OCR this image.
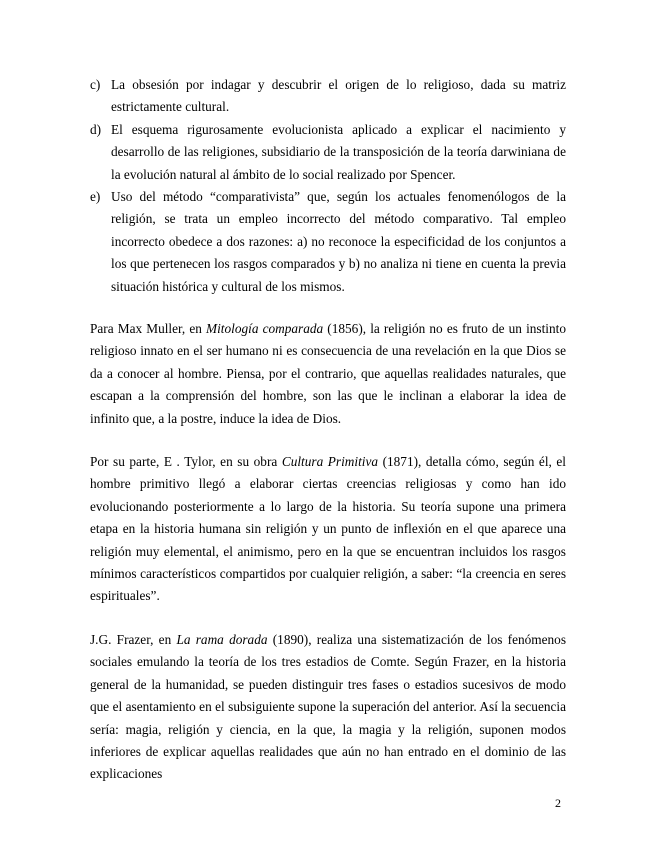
c) La obsesión por indagar y descubrir el origen de lo religioso, dada su matriz estrictamente cultural.

d) El esquema rigurosamente evolucionista aplicado a explicar el nacimiento y desarrollo de las religiones, subsidiario de la transposición de la teoría darwiniana de la evolución natural al ámbito de lo social realizado por Spencer.

e) Uso del método “comparativista” que, según los actuales fenomenólogos de la religión, se trata un empleo incorrecto del método comparativo. Tal empleo incorrecto obedece a dos razones: a) no reconoce la especificidad de los conjuntos a los que pertenecen los rasgos comparados y b) no analiza ni tiene en cuenta la previa situación histórica y cultural de los mismos.

Para Max Muller, en Mitología comparada (1856), la religión no es fruto de un instinto religioso innato en el ser humano ni es consecuencia de una revelación en la que Dios se da a conocer al hombre. Piensa, por el contrario, que aquellas realidades naturales, que escapan a la comprensión del hombre, son las que le inclinan a elaborar la idea de infinito que, a la postre, induce la idea de Dios.

Por su parte, E . Tylor, en su obra Cultura Primitiva (1871), detalla cómo, según él, el hombre primitivo llegó a elaborar ciertas creencias religiosas y como han ido evolucionando posteriormente a lo largo de la historia. Su teoría supone una primera etapa en la historia humana sin religión y un punto de inflexión en el que aparece una religión muy elemental, el animismo, pero en la que se encuentran incluidos los rasgos mínimos característicos compartidos por cualquier religión, a saber: “la creencia en seres espirituales”.

J.G. Frazer, en La rama dorada (1890), realiza una sistematización de los fenómenos sociales emulando la teoría de los tres estadios de Comte. Según Frazer, en la historia general de la humanidad, se pueden distinguir tres fases o estadios sucesivos de modo que el asentamiento en el subsiguiente supone la superación del anterior. Así la secuencia sería: magia, religión y ciencia, en la que, la magia y la religión, suponen modos inferiores de explicar aquellas realidades que aún no han entrado en el dominio de las explicaciones

2
